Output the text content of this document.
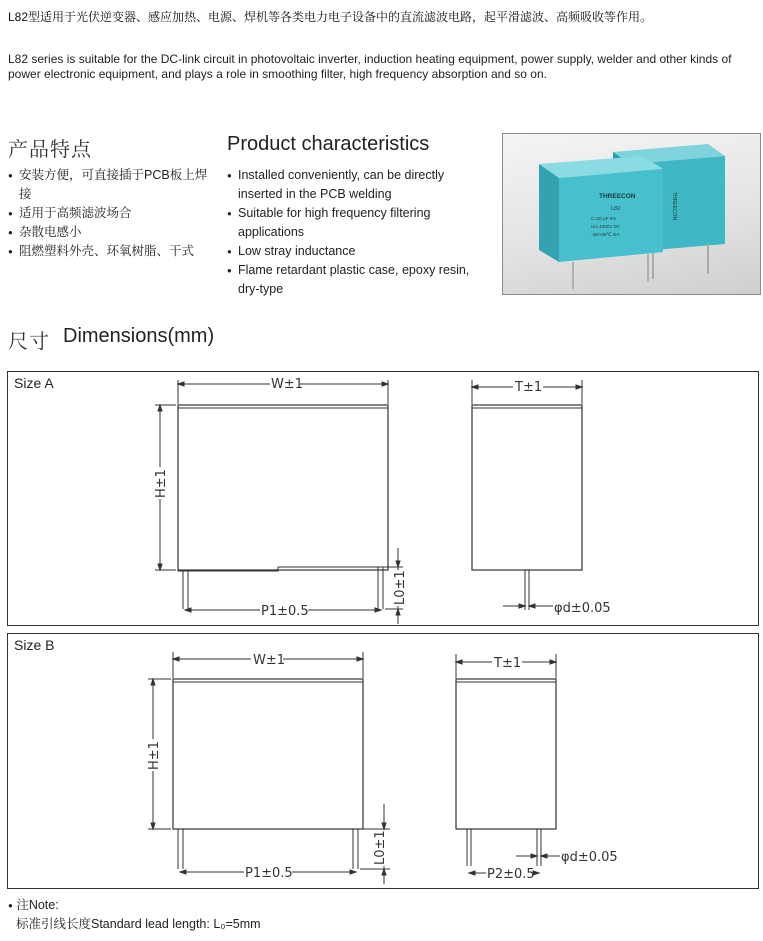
L82型适用于光伏逆变器、感应加热、电源、焊机等各类电力电子设备中的直流滤波电路，起平滑滤波、高频吸收等作用。
L82 series is suitable for the DC-link circuit in photovoltaic inverter, induction heating equipment, power supply, welder and other kinds of power electronic equipment, and plays a role in smoothing filter, high frequency absorption and so on.
产品特点
● 安装方便，可直接插于PCB板上焊接
● 适用于高频滤波场合
● 杂散电感小
● 阻燃塑料外壳、环氧树脂、干式
Product characteristics
● Installed conveniently, can be directly inserted in the PCB welding
● Suitable for high frequency filtering applications
● Low stray inductance
● Flame retardant plastic case, epoxy resin, dry-type
THREECON
L82
C=20 μF 5%
Un=1000V DC
-40/+85℃ IIIA
THREECON
尺寸 Dimensions(mm)
Size A	W±1	T±1
H±1
L0±1
P1±0.5	φd±0.05
Size B
W±1	T±1
H±1
L0±1
P1±0.5	P2±0.5
φd±0.05
● 注Note:
标准引线长度Standard lead length: L₀=5mm
